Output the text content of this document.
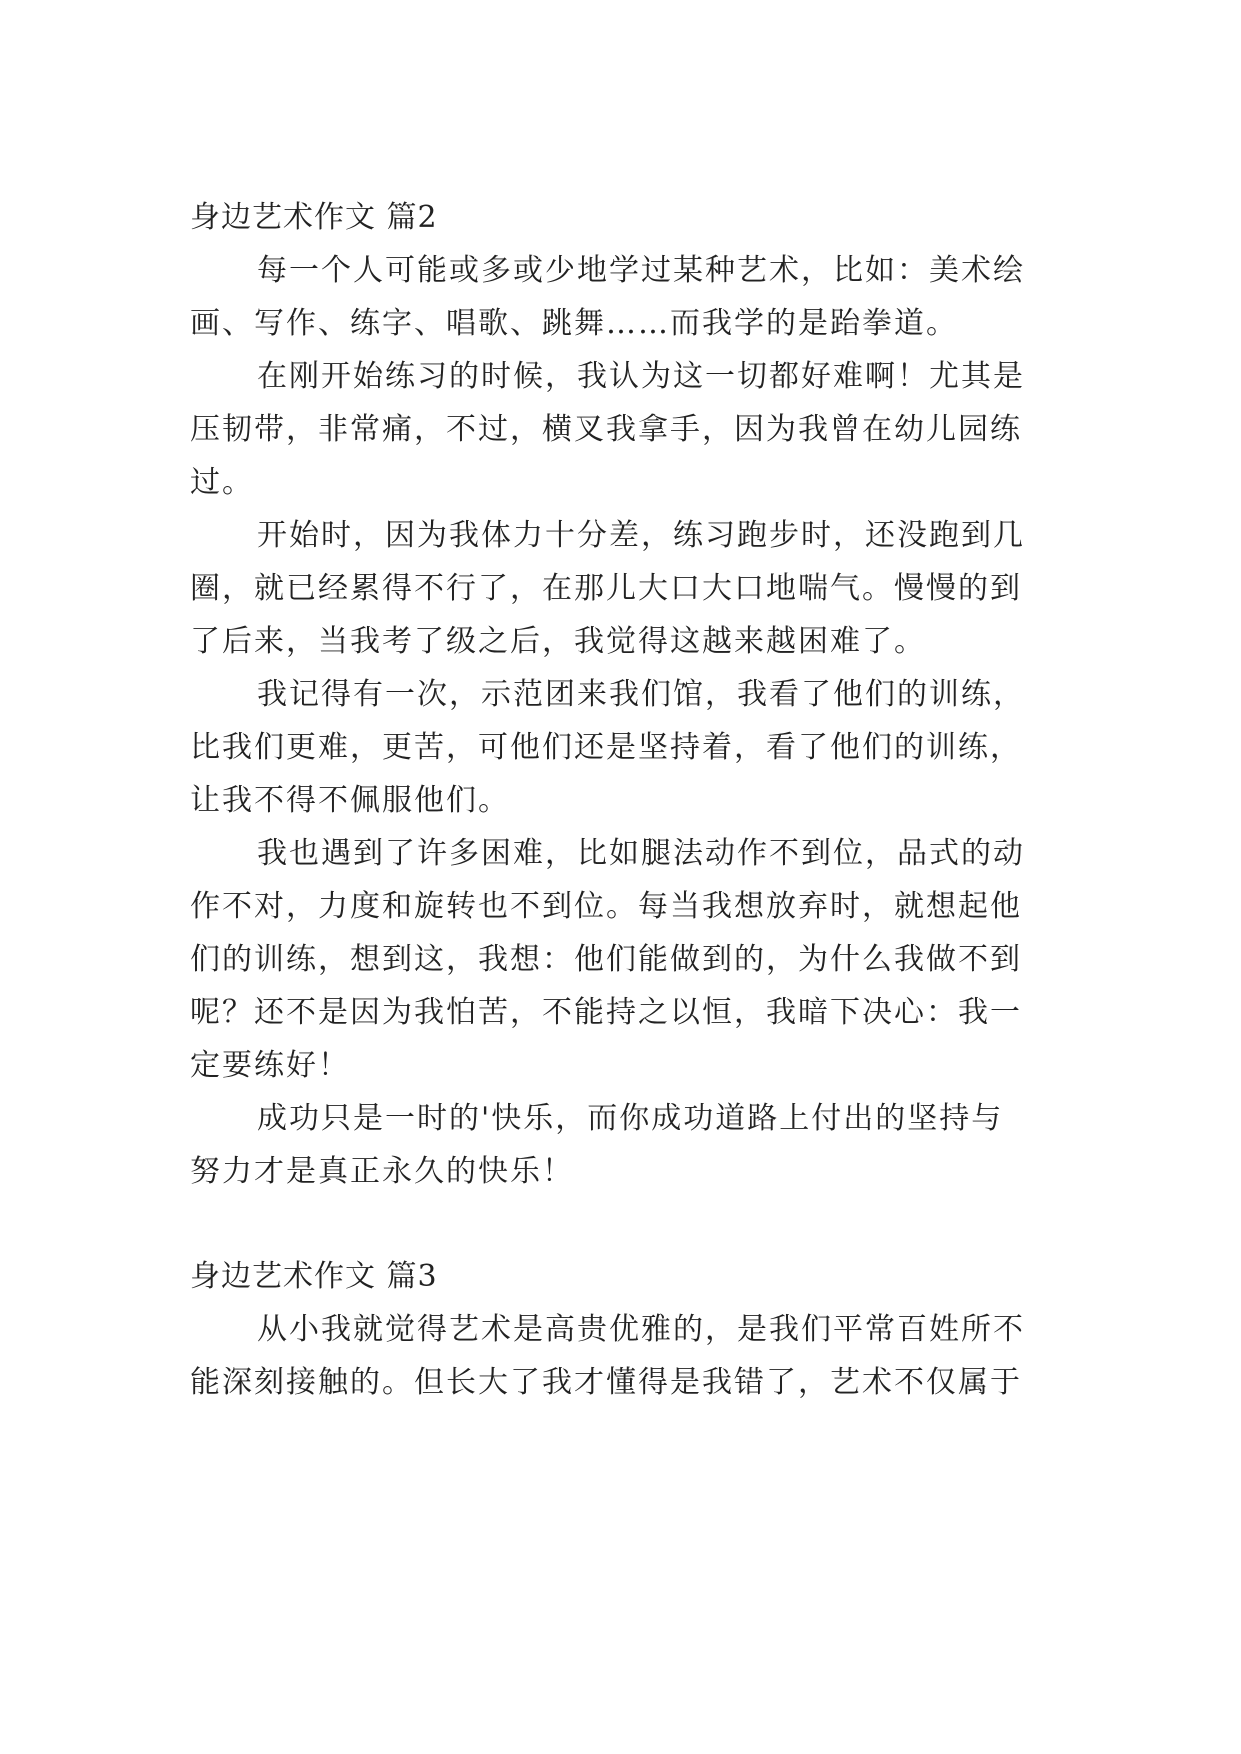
身边艺术作文 篇2

每一个人可能或多或少地学过某种艺术，比如：美术绘

画、写作、练字、唱歌、跳舞……而我学的是跆拳道。

在刚开始练习的时候，我认为这一切都好难啊！尤其是

压韧带，非常痛，不过，横叉我拿手，因为我曾在幼儿园练

过。

开始时，因为我体力十分差，练习跑步时，还没跑到几

圈，就已经累得不行了，在那儿大口大口地喘气。慢慢的到

了后来，当我考了级之后，我觉得这越来越困难了。

我记得有一次，示范团来我们馆，我看了他们的训练，

比我们更难，更苦，可他们还是坚持着，看了他们的训练，

让我不得不佩服他们。

我也遇到了许多困难，比如腿法动作不到位，品式的动

作不对，力度和旋转也不到位。每当我想放弃时，就想起他

们的训练，想到这，我想：他们能做到的，为什么我做不到

呢？还不是因为我怕苦，不能持之以恒，我暗下决心：我一

定要练好！

成功只是一时的'快乐，而你成功道路上付出的坚持与

努力才是真正永久的快乐！

身边艺术作文 篇3

从小我就觉得艺术是高贵优雅的，是我们平常百姓所不

能深刻接触的。但长大了我才懂得是我错了，艺术不仅属于
